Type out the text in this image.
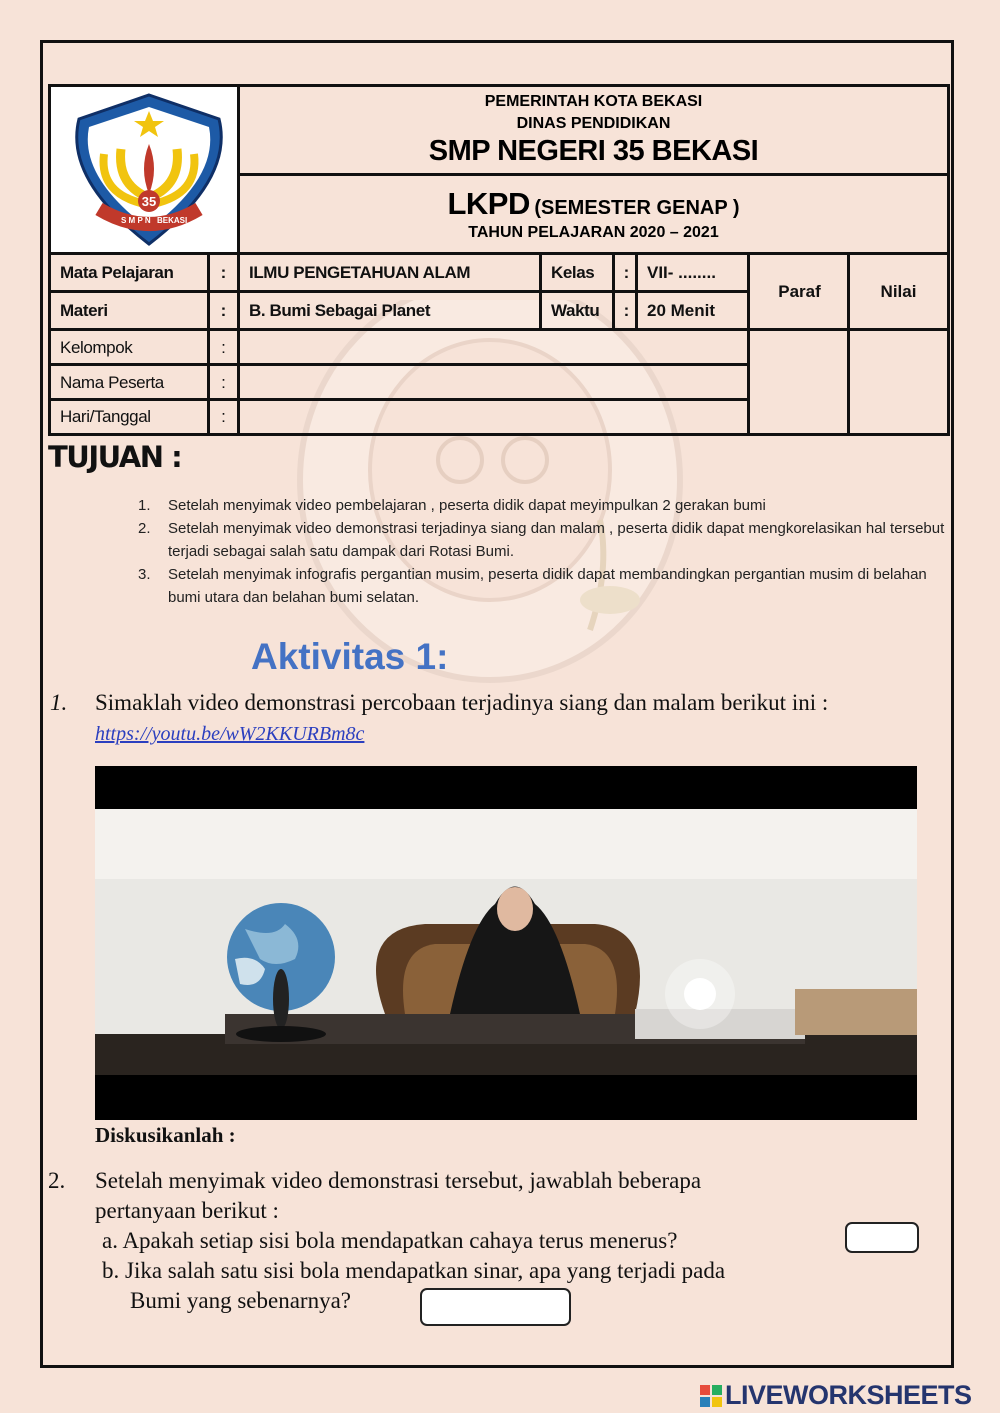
35
S M P N BEKASI
PEMERINTAH KOTA BEKASI
DINAS PENDIDIKAN
SMP NEGERI 35 BEKASI
LKPD (SEMESTER GENAP )
TAHUN PELAJARAN 2020 – 2021
Mata Pelajaran	:	ILMU PENGETAHUAN ALAM	Kelas	:	VII- ........
Paraf	Nilai
Materi	:	B. Bumi Sebagai Planet	Waktu	:	20 Menit
Kelompok	:
Nama Peserta	:
Hari/Tanggal	:
TUJUAN :
1.	Setelah menyimak video pembelajaran , peserta didik dapat meyimpulkan 2 gerakan bumi
2.	Setelah menyimak video demonstrasi terjadinya siang dan malam , peserta didik dapat mengkorelasikan hal tersebut terjadi sebagai salah satu dampak dari Rotasi Bumi.
3.	Setelah menyimak infografis pergantian musim, peserta didik dapat membandingkan pergantian musim di belahan bumi utara dan belahan bumi selatan.
Aktivitas 1:
1. Simaklah video demonstrasi percobaan terjadinya siang dan malam berikut ini : https://youtu.be/wW2KKURBm8c
Diskusikanlah :
2. Setelah menyimak video demonstrasi tersebut, jawablah beberapa
pertanyaan berikut :
a. Apakah setiap sisi bola mendapatkan cahaya terus menerus?
b. Jika salah satu sisi bola mendapatkan sinar, apa yang terjadi pada
Bumi yang sebenarnya?
LIVEWORKSHEETS
